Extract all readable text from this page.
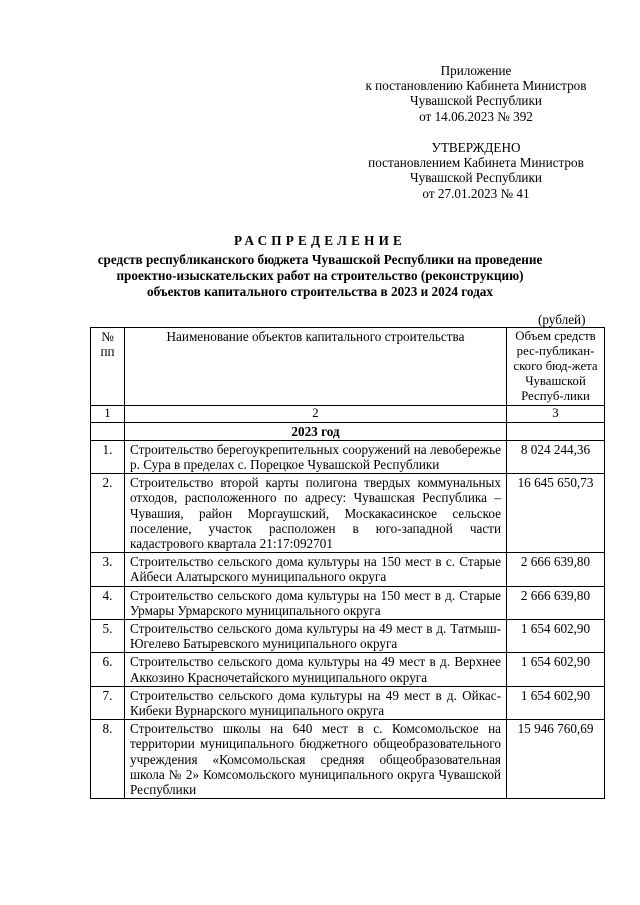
Приложение
к постановлению Кабинета Министров
Чувашской Республики
от 14.06.2023 № 392
УТВЕРЖДЕНО
постановлением Кабинета Министров
Чувашской Республики
от 27.01.2023 № 41
РАСПРЕДЕЛЕНИЕ
средств республиканского бюджета Чувашской Республики на проведение
проектно-изыскательских работ на строительство (реконструкцию)
объектов капитального строительства в 2023 и 2024 годах
(рублей)
№ пп	Наименование объектов капитального строительства	Объем средств рес-публикан-ского бюд-жета Чувашской Респуб-лики
1	2	3
	2023 год	
1.	Строительство берегоукрепительных сооружений на левобережье р. Сура в пределах с. Порецкое Чувашской Республики	8 024 244,36
2.	Строительство второй карты полигона твердых коммунальных отходов, расположенного по адресу: Чувашская Республика – Чувашия, район Моргаушский, Москакасинское сельское поселение, участок расположен в юго-западной части кадастрового квартала 21:17:092701	16 645 650,73
3.	Строительство сельского дома культуры на 150 мест в с. Старые Айбеси Алатырского муниципального округа	2 666 639,80
4.	Строительство сельского дома культуры на 150 мест в д. Старые Урмары Урмарского муниципального округа	2 666 639,80
5.	Строительство сельского дома культуры на 49 мест в д. Татмыш-Югелево Батыревского муниципального округа	1 654 602,90
6.	Строительство сельского дома культуры на 49 мест в д. Верхнее Аккозино Красночетайского муниципального округа	1 654 602,90
7.	Строительство сельского дома культуры на 49 мест в д. Ойкас-Кибеки Вурнарского муниципального округа	1 654 602,90
8.	Строительство школы на 640 мест в с. Комсомольское на территории муниципального бюджетного общеобразовательного учреждения «Комсомольская средняя общеобразовательная школа № 2» Комсомольского муниципального округа Чувашской Республики	15 946 760,69
